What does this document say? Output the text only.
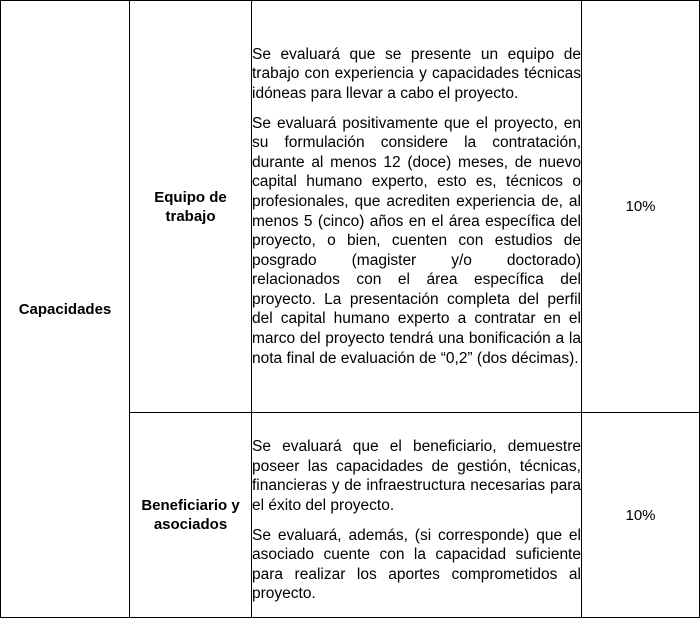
Capacidades	Equipo de trabajo	Se evaluará que se presente un equipo de trabajo con experiencia y capacidades técnicas idóneas para llevar a cabo el proyecto.

Se evaluará positivamente que el proyecto, en su formulación considere la contratación, durante al menos 12 (doce) meses, de nuevo capital humano experto, esto es, técnicos o profesionales, que acrediten experiencia de, al menos 5 (cinco) años en el área específica del proyecto, o bien, cuenten con estudios de posgrado (magister y/o doctorado) relacionados con el área específica del proyecto. La presentación completa del perfil del capital humano experto a contratar en el marco del proyecto tendrá una bonificación a la nota final de evaluación de “0,2” (dos décimas).	10%
	Beneficiario y asociados	Se evaluará que el beneficiario, demuestre poseer las capacidades de gestión, técnicas, financieras y de infraestructura necesarias para el éxito del proyecto.

Se evaluará, además, (si corresponde) que el asociado cuente con la capacidad suficiente para realizar los aportes comprometidos al proyecto.	10%
